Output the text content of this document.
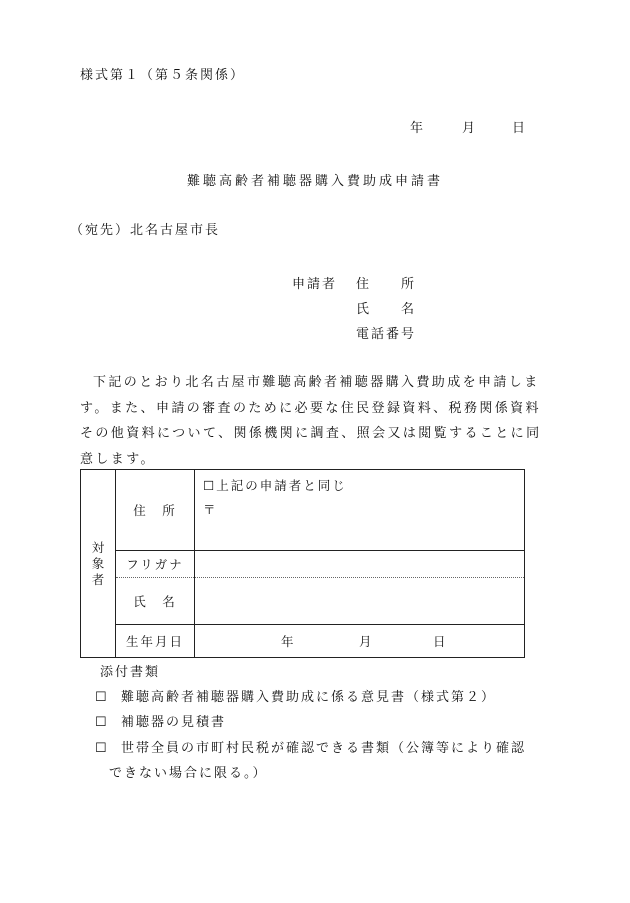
様式第１（第５条関係）
年	月	日
難聴高齢者補聴器購入費助成申請書
（宛先）北名古屋市長
申請者 住　　所
氏　　名
電話番号

下記のとおり北名古屋市難聴高齢者補聴器購入費助成を申請します。また、申請の審査のために必要な住民登録資料、税務関係資料その他資料について、関係機関に調査、照会又は閲覧することに同意します。

対
象
者	住　所	☐上記の申請者と同じ
〒

	フリガナ	
	氏　名	
	生年月日	年 月 日
添付書類
☐ 難聴高齢者補聴器購入費助成に係る意見書（様式第２）
☐ 補聴器の見積書
☐ 世帯全員の市町村民税が確認できる書類（公簿等により確認
できない場合に限る。）
